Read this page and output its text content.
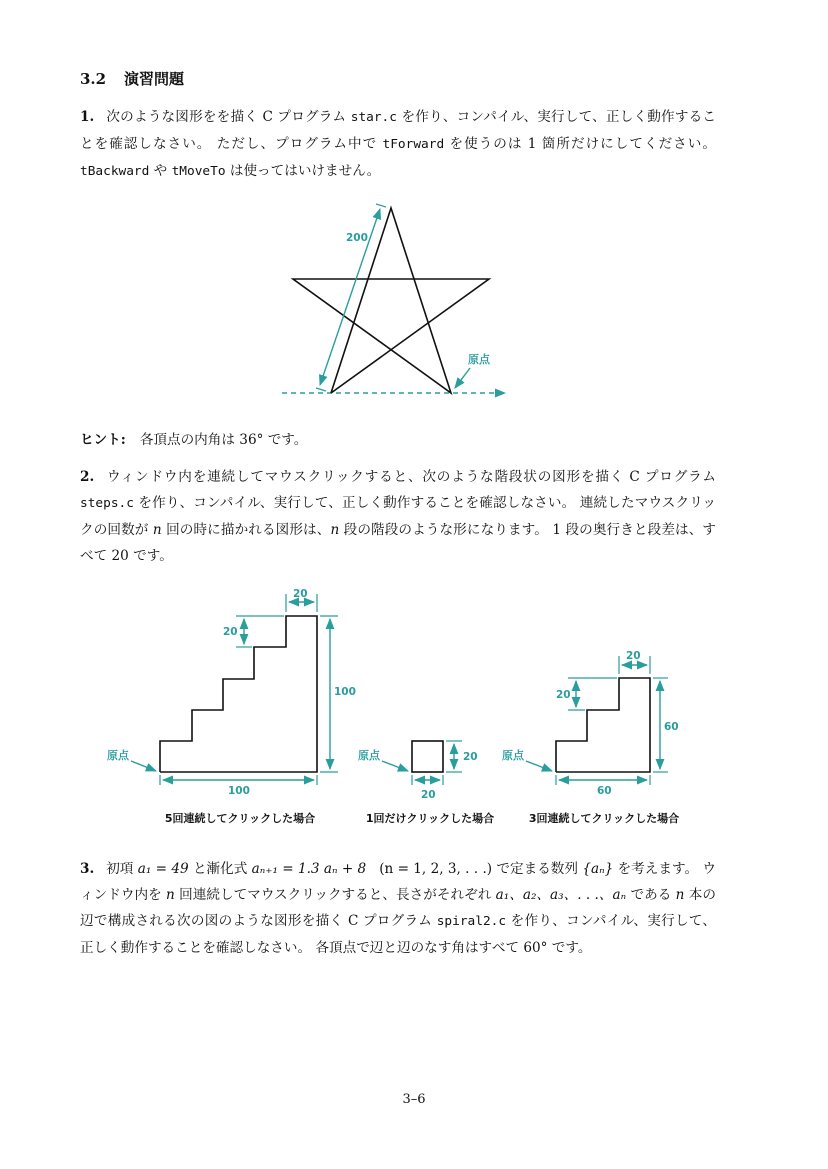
3.2 演習問題
1. 次のような図形をを描く C プログラム star.c を作り、コンパイル、実行して、正しく動作することを確認しなさい。 ただし、プログラム中で tForward を使うのは 1 箇所だけにしてください。tBackward や tMoveTo は使ってはいけません。
200
原点
ヒント: 各頂点の内角は 36° です。
2. ウィンドウ内を連続してマウスクリックすると、次のような階段状の図形を描く C プログラム steps.c を作り、コンパイル、実行して、正しく動作することを確認しなさい。 連続したマウスクリックの回数が n 回の時に描かれる図形は、n 段の階段のような形になります。 1 段の奥行きと段差は、すべて 20 です。
20
20
100
100
原点
5回連続してクリックした場合
20
20
原点
1回だけクリックした場合
20
20
60
60
原点
3回連続してクリックした場合
3. 初項 a₁ = 49 と漸化式 aₙ₊₁ = 1.3 aₙ + 8 (n = 1, 2, 3, . . .) で定まる数列 {aₙ} を考えます。 ウィンドウ内を n 回連続してマウスクリックすると、長さがそれぞれ a₁、a₂、a₃、. . .、aₙ である n 本の辺で構成される次の図のような図形を描く C プログラム spiral2.c を作り、コンパイル、実行して、正しく動作することを確認しなさい。 各頂点で辺と辺のなす角はすべて 60° です。
3–6
